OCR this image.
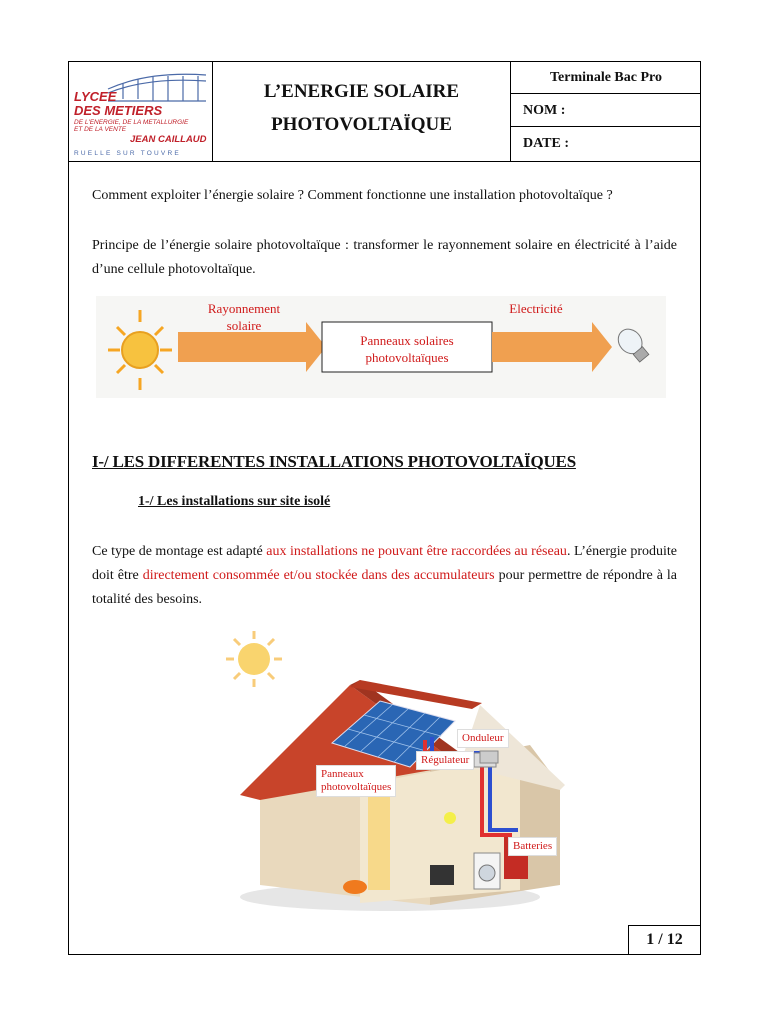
LYCEE
DES METIERS
DE L'ENERGIE, DE LA METALLURGIE
ET DE LA VENTE
JEAN CAILLAUD
RUELLE SUR TOUVRE
L’ENERGIE SOLAIRE
PHOTOVOLTAÏQUE
Terminale Bac Pro
NOM :
DATE :

Comment exploiter l’énergie solaire ? Comment fonctionne une installation photovoltaïque ?

Principe de l’énergie solaire photovoltaïque : transformer le rayonnement solaire en électricité à l’aide d’une cellule photovoltaïque.

Rayonnement
solaire
Panneaux solaires
photovoltaïques
Electricité
I-/ LES DIFFERENTES INSTALLATIONS PHOTOVOLTAÏQUES
1-/ Les installations sur site isolé

Ce type de montage est adapté aux installations ne pouvant être raccordées au réseau. L’énergie produite doit être directement consommée et/ou stockée dans des accumulateurs pour permettre de répondre à la totalité des besoins.

Onduleur
Régulateur
Panneaux
photovoltaïques
Batteries
1 / 12
